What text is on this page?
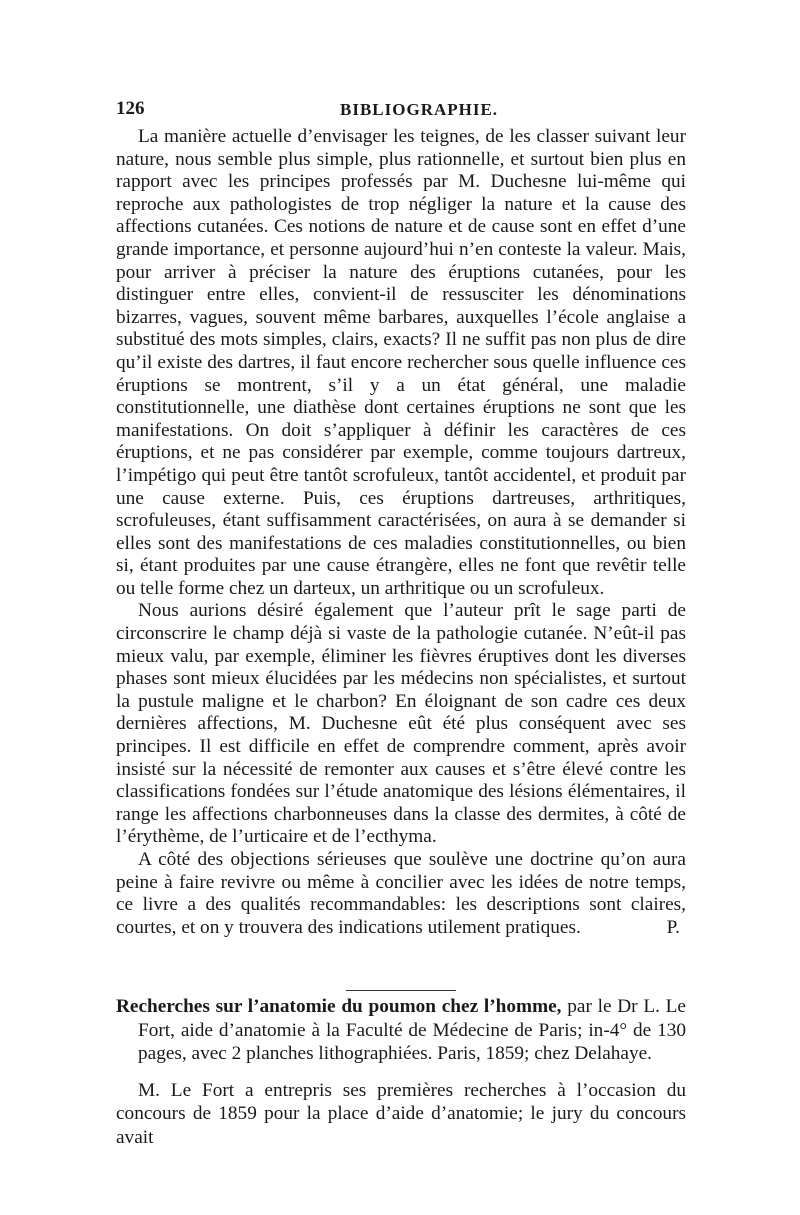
126	BIBLIOGRAPHIE.

La manière actuelle d’envisager les teignes, de les classer suivant leur nature, nous semble plus simple, plus rationnelle, et surtout bien plus en rapport avec les principes professés par M. Duchesne lui-même qui reproche aux pathologistes de trop négliger la nature et la cause des affections cutanées. Ces notions de nature et de cause sont en effet d’une grande importance, et personne aujourd’hui n’en conteste la valeur. Mais, pour arriver à préciser la nature des éruptions cutanées, pour les distinguer entre elles, convient-il de ressusciter les dénominations bizarres, vagues, souvent même barbares, auxquelles l’école anglaise a substitué des mots simples, clairs, exacts? Il ne suffit pas non plus de dire qu’il existe des dartres, il faut encore rechercher sous quelle influence ces éruptions se montrent, s’il y a un état général, une maladie constitutionnelle, une diathèse dont certaines éruptions ne sont que les manifestations. On doit s’appliquer à définir les caractères de ces éruptions, et ne pas considérer par exemple, comme toujours dartreux, l’impétigo qui peut être tantôt scrofuleux, tantôt accidentel, et produit par une cause externe. Puis, ces éruptions dartreuses, arthritiques, scrofuleuses, étant suffisamment caractérisées, on aura à se demander si elles sont des manifestations de ces maladies constitutionnelles, ou bien si, étant produites par une cause étrangère, elles ne font que revêtir telle ou telle forme chez un darteux, un arthritique ou un scrofuleux.

Nous aurions désiré également que l’auteur prît le sage parti de circonscrire le champ déjà si vaste de la pathologie cutanée. N’eût-il pas mieux valu, par exemple, éliminer les fièvres éruptives dont les diverses phases sont mieux élucidées par les médecins non spécialistes, et surtout la pustule maligne et le charbon? En éloignant de son cadre ces deux dernières affections, M. Duchesne eût été plus conséquent avec ses principes. Il est difficile en effet de comprendre comment, après avoir insisté sur la nécessité de remonter aux causes et s’être élevé contre les classifications fondées sur l’étude anatomique des lésions élémentaires, il range les affections charbonneuses dans la classe des dermites, à côté de l’érythème, de l’urticaire et de l’ecthyma.

A côté des objections sérieuses que soulève une doctrine qu’on aura peine à faire revivre ou même à concilier avec les idées de notre temps, ce livre a des qualités recommandables: les descriptions sont claires, courtes, et on y trouvera des indications utilement pratiques.	P.

Recherches sur l’anatomie du poumon chez l’homme, par le Dr L. Le Fort, aide d’anatomie à la Faculté de Médecine de Paris; in-4° de 130 pages, avec 2 planches lithographiées. Paris, 1859; chez Delahaye.

M. Le Fort a entrepris ses premières recherches à l’occasion du concours de 1859 pour la place d’aide d’anatomie; le jury du concours avait
